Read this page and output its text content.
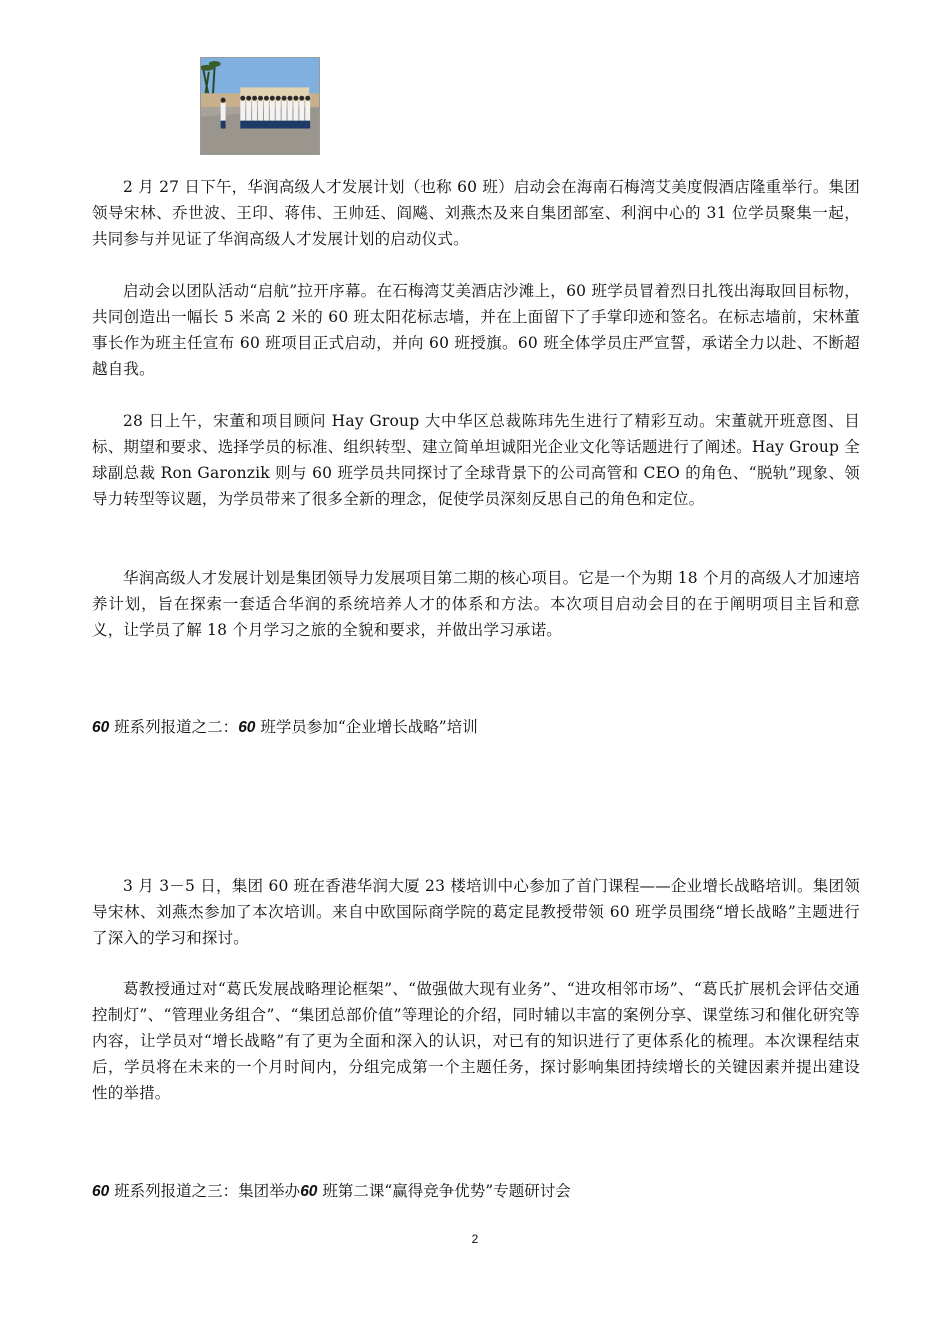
2 月 27 日下午，华润高级人才发展计划（也称 60 班）启动会在海南石梅湾艾美度假酒店隆重举行。集团领导宋林、乔世波、王印、蒋伟、王帅廷、阎飚、刘燕杰及来自集团部室、利润中心的 31 位学员聚集一起，共同参与并见证了华润高级人才发展计划的启动仪式。

启动会以团队活动“启航”拉开序幕。在石梅湾艾美酒店沙滩上，60 班学员冒着烈日扎筏出海取回目标物，共同创造出一幅长 5 米高 2 米的 60 班太阳花标志墙，并在上面留下了手掌印迹和签名。在标志墙前，宋林董事长作为班主任宣布 60 班项目正式启动，并向 60 班授旗。60 班全体学员庄严宣誓，承诺全力以赴、不断超越自我。

28 日上午，宋董和项目顾问 Hay Group 大中华区总裁陈玮先生进行了精彩互动。宋董就开班意图、目标、期望和要求、选择学员的标准、组织转型、建立简单坦诚阳光企业文化等话题进行了阐述。Hay Group 全球副总裁 Ron Garonzik 则与 60 班学员共同探讨了全球背景下的公司高管和 CEO 的角色、“脱轨”现象、领导力转型等议题，为学员带来了很多全新的理念，促使学员深刻反思自己的角色和定位。

华润高级人才发展计划是集团领导力发展项目第二期的核心项目。它是一个为期 18 个月的高级人才加速培养计划，旨在探索一套适合华润的系统培养人才的体系和方法。本次项目启动会目的在于阐明项目主旨和意义，让学员了解 18 个月学习之旅的全貌和要求，并做出学习承诺。

60 班系列报道之二：60 班学员参加“企业增长战略”培训

3 月 3－5 日，集团 60 班在香港华润大厦 23 楼培训中心参加了首门课程——企业增长战略培训。集团领导宋林、刘燕杰参加了本次培训。来自中欧国际商学院的葛定昆教授带领 60 班学员围绕“增长战略”主题进行了深入的学习和探讨。

葛教授通过对“葛氏发展战略理论框架”、“做强做大现有业务”、“进攻相邻市场”、“葛氏扩展机会评估交通控制灯”、“管理业务组合”、“集团总部价值”等理论的介绍，同时辅以丰富的案例分享、课堂练习和催化研究等内容，让学员对“增长战略”有了更为全面和深入的认识，对已有的知识进行了更体系化的梳理。本次课程结束后，学员将在未来的一个月时间内，分组完成第一个主题任务，探讨影响集团持续增长的关键因素并提出建设性的举措。

60 班系列报道之三：集团举办60 班第二课“赢得竞争优势”专题研讨会
2
